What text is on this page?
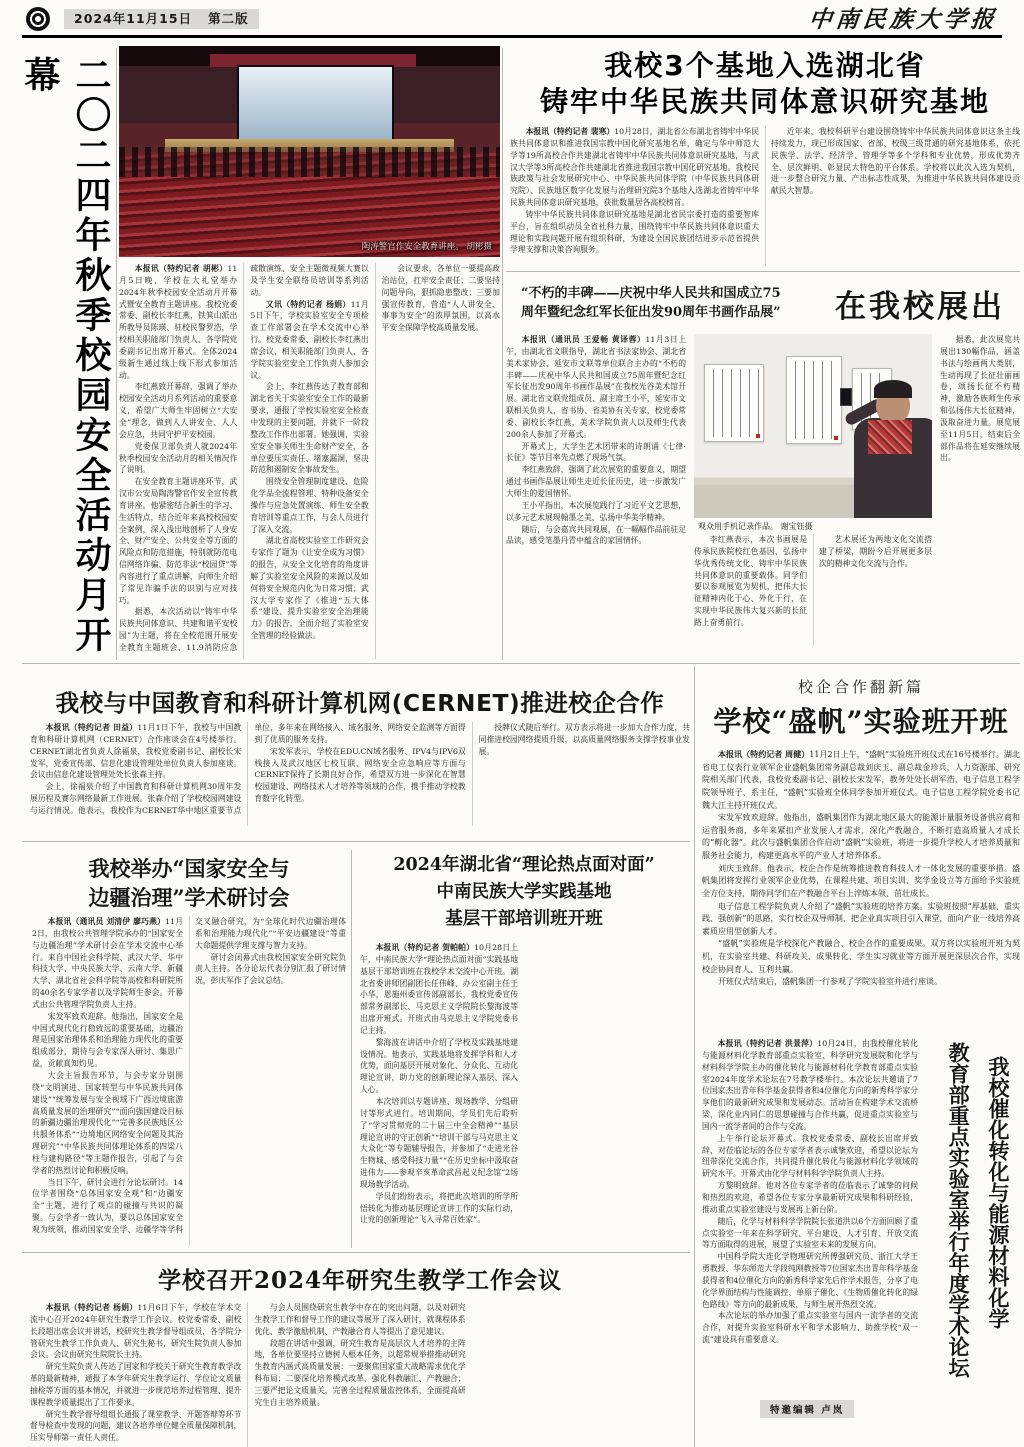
2024年11月15日 第二版	中南民族大学报
二〇二四年秋季校园安全活动月开幕
陶涛警官作安全教育讲座。 胡彬摄

本报讯（特约记者 胡彬）11月5日晚，学校在大礼堂举办2024年秋季校园安全活动月开幕式暨安全教育主题讲座。我校党委常委、副校长李红燕，铁箕山派出所教导员陈瑛、驻校民警罗浩，学校相关职能部门负责人、各学院党委副书记出席开幕式。全体2024级新生通过线上线下形式参加活动。

李红燕致开幕辞，强调了举办校园安全活动月系列活动的重要意义，希望广大师生牢固树立“大安全”理念，做到人人讲安全、人人会应急，共同守护平安校园。

党委保卫部负责人就2024年秋季校园安全活动月的相关情况作了说明。

在安全教育主题讲座环节，武汉市公安局陶涛警官作安全宣传教育讲座。他紧密结合新生的学习、生活特点，结合近年来高校校园安全案例，深入浅出地剖析了人身安全、财产安全、公共安全等方面的风险点和防范措施，特别就防范电信网络诈骗、防范非法“校园贷”等内容进行了重点讲解，向师生介绍了常见诈骗手法的识别与应对技巧。

据悉，本次活动以“铸牢中华民族共同体意识、共建和谐平安校园”为主题，将在全校范围开展安全教育主题班会、11.9消防应急疏散演练、安全主题微视频大赛以及学生安全联络员培训等系列活动。

又讯（特约记者 杨娟）11月5日下午，学校实验室安全专项检查工作部署会在学术交流中心举行。校党委常委、副校长李红燕出席会议，相关职能部门负责人、各学院实验室安全工作负责人参加会议。

会上，李红燕传达了教育部和湖北省关于实验室安全工作的最新要求，通报了学校实验室安全检查中发现的主要问题，并就下一阶段整改工作作出部署。她强调，实验室安全事关师生生命财产安全，各单位要压实责任、堵塞漏洞，坚决防范和遏制安全事故发生。

围绕安全管理制度建设、危险化学品全流程管理、特种设备安全操作与应急处置演练、师生安全教育培训等重点工作，与会人员进行了深入交流。

湖北省高校实验室工作研究会专家作了题为《让安全成为习惯》的报告，从安全文化培育的角度讲解了实验室安全风险的来源以及如何将安全规范内化为日常习惯；武汉大学专家作了《推进“五大体系”建设、提升实验室安全治理能力》的报告，全面介绍了实验室安全管理的经验做法。

会议要求，各单位一要提高政治站位，扛牢安全责任；二要坚持问题导向，狠抓隐患整改；三要加强宣传教育，营造“人人讲安全、事事为安全”的浓厚氛围，以高水平安全保障学校高质量发展。

我校3个基地入选湖北省
铸牢中华民族共同体意识研究基地

本报讯（特约记者 裴寒）10月28日，湖北省公布湖北省铸牢中华民族共同体意识和推进我国宗教中国化研究基地名单，确定与华中师范大学等19所高校合作共建湖北省铸牢中华民族共同体意识研究基地，与武汉大学等3所高校合作共建湖北省推进我国宗教中国化研究基地。我校民族政策与社会发展研究中心、中华民族共同体学院（中华民族共同体研究院）、民族地区数字化发展与治理研究院3个基地入选湖北省铸牢中华民族共同体意识研究基地，获批数量居各高校榜首。

铸牢中华民族共同体意识研究基地是湖北省民宗委打造的重要智库平台，旨在组织动员全省社科力量，围绕铸牢中华民族共同体意识重大理论和实践问题开展有组织科研，为建设全国民族团结进步示范省提供学理支撑和决策咨询服务。

近年来，我校科研平台建设围绕铸牢中华民族共同体意识这条主线持续发力，现已形成国家、省部、校级三级贯通的研究基地体系，依托民族学、法学、经济学、管理学等多个学科和专业优势，形成优势齐全、层次鲜明、彰显民大特色的平台体系。学校将以此次入选为契机，进一步整合研究力量、产出标志性成果，为推进中华民族共同体建设贡献民大智慧。

“不朽的丰碑——庆祝中华人民共和国成立75
周年暨纪念红军长征出发90周年书画作品展”	在我校展出

本报讯（通讯员 王爱畅 黄译蓉）11月3日上午，由湖北省文联指导，湖北省书法家协会、湖北省美术家协会、延安市文联等单位联合主办的“不朽的丰碑——庆祝中华人民共和国成立75周年暨纪念红军长征出发90周年书画作品展”在我校光谷美术馆开展。湖北省文联党组成员、副主席王小平，延安市文联相关负责人，省书协、省美协有关专家，校党委常委、副校长李红燕，美术学院负责人以及师生代表200余人参加了开幕式。

开幕式上，大学生艺术团带来的诗朗诵《七律·长征》等节目率先点燃了现场气氛。

李红燕致辞，强调了此次展览的重要意义，期望通过书画作品展让师生走近长征历史，进一步激发广大师生的爱国情怀。

王小平指出，本次展览践行了习近平文艺思想，以多元艺术展现翰墨之美，弘扬中华美学精神。

随后，与会嘉宾共同观展，在一幅幅作品前驻足品读，感受笔墨丹青中蕴含的家国情怀。

观众用手机记录作品。 谢宝钰摄

李红燕表示，本次书画展是传承民族院校红色基因、弘扬中华优秀传统文化、铸牢中华民族共同体意识的重要载体。同学们要以参观展览为契机，把伟大长征精神内化于心、外化于行，在实现中华民族伟大复兴新的长征路上奋勇前行。

艺术展还为两地文化交流搭建了桥梁，期盼今后开展更多层次的精神文化交流与合作。

据悉，此次展览共展出130幅作品，涵盖书法与绘画两大类别，生动再现了长征壮丽画卷，颂扬长征不朽精神，激励各族师生传承和弘扬伟大长征精神，汲取奋进力量。展览展至11月5日，结束后全部作品将在延安继续展出。

我校与中国教育和科研计算机网(CERNET)推进校企合作

本报讯（特约记者 田益）11月1日下午，我校与中国教育和科研计算机网（CERNET）合作座谈会在4号楼举行。CERNET湖北省负责人徐福泉，我校党委副书记、副校长宋发军，党委宣传部、信息化建设管理处单位负责人参加座谈。会议由信息化建设管理处处长张森主持。

会上，徐福泉介绍了中国教育和科研计算机网30周年发展历程及赛尔网络最新工作进展。张森介绍了学校校园网建设与运行情况。他表示，我校作为CERNET华中地区重要节点单位，多年来在网络接入、域名服务、网络安全监测等方面得到了优质的服务支持。

宋发军表示，学校在EDU.CN域名服务、IPV4与IPV6双栈接入及武汉地区七校互联、网络安全应急响应等方面与CERNET保持了长期良好合作，希望双方进一步深化在智慧校园建设、网络技术人才培养等领域的合作，携手推动学校教育数字化转型。

授牌仪式随后举行。双方表示将进一步加大合作力度，共同推进校园网络提质升级，以高质量网络服务支撑学校事业发展。

校企合作翻新篇
学校“盛帆”实验班开班

本报讯（特约记者 周健）11月2日上午，“盛帆”实验班开班仪式在16号楼举行。湖北省电工仪表行业领军企业盛帆集团常务副总裁刘庆玉、副总裁金珍兵，人力资源部、研究院相关部门代表，我校党委副书记、副校长宋发军，教务处处长胡军浩，电子信息工程学院领导班子、系主任，“盛帆”实验班全体同学参加开班仪式。电子信息工程学院党委书记魏大江主持开班仪式。

宋发军致欢迎辞。他指出，盛帆集团作为湖北地区最大的能源计量服务设备供应商和运营服务商，多年来紧扣产业发展人才需求，深化产教融合，不断打造高质量人才成长的“孵化器”。此次与盛帆集团合作启动“盛帆”实验班，将进一步提升学校人才培养质量和服务社会能力，构建更高水平的产业人才培养体系。

刘庆玉致辞。他表示，校企合作是统筹推进教育科技人才一体化发展的重要举措。盛帆集团将发挥行业领军企业优势，在课程共建、项目实训、奖学金设立等方面给予实验班全方位支持，期待同学们在产教融合平台上淬炼本领、茁壮成长。

电子信息工程学院负责人介绍了“盛帆”实验班的培养方案。实验班按照“厚基础、重实践、强创新”的思路，实行校企双导师制，把企业真实项目引入课堂，面向产业一线培养高素质应用型创新人才。

“盛帆”实验班是学校深化产教融合、校企合作的重要成果。双方将以实验班开班为契机，在实验室共建、科研攻关、成果转化、学生实习就业等方面开展更深层次合作，实现校企协同育人、互利共赢。

开班仪式结束后，盛帆集团一行参观了学院实验室并进行座谈。

我校举办“国家安全与
边疆治理”学术研讨会

本报讯（通讯员 刘清伊 廖巧燕）11月2日，由我校公共管理学院承办的“国家安全与边疆治理”学术研讨会在学术交流中心举行。来自中国社会科学院、武汉大学、华中科技大学、中央民族大学、云南大学、新疆大学、湖北省社会科学院等高校和科研院所的40余名专家学者以及学院师生参会。开幕式由公共管理学院负责人主持。

宋发军致欢迎辞。他指出，国家安全是中国式现代化行稳致远的重要基础，边疆治理是国家治理体系和治理能力现代化的重要组成部分，期待与会专家深入研讨、集思广益，贡献真知灼见。

大会主旨报告环节，与会专家分别围绕“文明演进、国家转型与中华民族共同体建设”“统筹发展与安全视域下广西边境旅游高质量发展的治理研究”“面向强国建设目标的新疆边疆治理现代化”“完善多民族地区公共服务体系”“边境地区网络安全问题及其治理研究”“中华民族共同体理论体系的四梁八柱与建构路径”等主题作报告，引起了与会学者的热烈讨论和积极反响。

当日下午，研讨会进行分论坛研讨。14位学者围绕“总体国家安全观”和“边疆安全”主题，进行了观点的碰撞与共识的凝聚。与会学者一致认为，要以总体国家安全观为统领，推动国家安全学、边疆学等学科交叉融合研究，为“全球化时代边疆治理体系和治理能力现代化”“平安边疆建设”等重大命题提供学理支撑与智力支持。

研讨会闭幕式由我校国家安全研究院负责人主持。各分论坛代表分别汇报了研讨情况，彭庆军作了会议总结。

2024年湖北省“理论热点面对面”
中南民族大学实践基地
基层干部培训班开班

本报讯（特约记者 贺帕帕）10月28日上午，中南民族大学“理论热点面对面”实践基地基层干部培训班在我校学术交流中心开班。湖北省委讲师团副团长任伟峰、办公室副主任王小华，恩施州委宣传部副部长，我校党委宣传部常务副部长、马克思主义学院院长黎海波等出席开班式。开班式由马克思主义学院党委书记主持。

黎海波在讲话中介绍了学校及实践基地建设情况。他表示，实践基地将发挥学科和人才优势，面向基层开展对象化、分众化、互动化理论宣讲，助力党的创新理论深入基层、深入人心。

本次培训以专题讲座、现场教学、分组研讨等形式进行。培训期间，学员们先后聆听了“学习贯彻党的二十届三中全会精神”“基层理论宣讲的守正创新”“培训干部与马克思主义大众化”等专题辅导报告，并参加了“走进光谷生物城、感受科技力量”“在历史坐标中汲取奋进伟力——参观辛亥革命武昌起义纪念馆”2场现场教学活动。

学员们纷纷表示，将把此次培训的所学所悟转化为推动基层理论宣讲工作的实际行动，让党的创新理论“飞入寻常百姓家”。

学校召开2024年研究生教学工作会议

本报讯（特约记者 杨娟）11月6日下午，学校在学术交流中心召开2024年研究生教学工作会议。校党委常委、副校长段超出席会议并讲话，校研究生教学督导组成员，各学院分管研究生教学工作负责人、研究生秘书，研究生院负责人参加会议。会议由研究生院院长主持。

研究生院负责人传达了国家和学校关于研究生教育教学改革的最新精神，通报了本学年研究生教学运行、学位论文质量抽检等方面的基本情况，并就进一步规范培养过程管理、提升课程教学质量提出了工作要求。

研究生教学督导组组长通报了课堂教学、开题答辩等环节督导检查中发现的问题，建议各培养单位健全质量保障机制，压实导师第一责任人责任。

与会人员围绕研究生教学中存在的突出问题，以及对研究生教学工作和督导工作的建议等展开了深入研讨，就课程体系优化、教学激励机制、产教融合育人等提出了意见建议。

段超在讲话中强调，研究生教育是高层次人才培养的主阵地，各单位要坚持立德树人根本任务，以超常规举措推动研究生教育内涵式高质量发展：一要聚焦国家重大战略需求优化学科布局；二要深化培养模式改革，强化科教融汇、产教融合；三要严把论文质量关，完善全过程质量监控体系，全面提高研究生自主培养质量。

本报讯（特约记者 洪景萍）10月24日，由我校催化转化与能源材料化学教育部重点实验室、科学研究发展院和化学与材料科学学院主办的催化转化与能源材料化学教育部重点实验室2024年度学术论坛在7号教学楼举行。本次论坛共邀请了7位国家杰出青年科学基金获得者和4位催化方向的新秀科学家分享他们的最新研究成果和发展动态。活动旨在构建学术交流桥梁，深化业内同仁的思想碰撞与合作共赢，促进重点实验室与国内一流学者间的合作与交流。

上午举行论坛开幕式。我校党委常委、副校长出席并致辞，对莅临论坛的各位专家学者表示诚挚欢迎，希望以论坛为纽带深化交流合作，共同提升催化转化与能源材料化学领域的研究水平。开幕式由化学与材料科学学院负责人主持。

方黎明致辞。他对各位专家学者的莅临表示了诚挚的问候和热烈的欢迎，希望各位专家分享最新研究成果和科研经验，推动重点实验室建设与发展再上新台阶。

随后，化学与材料科学学院院长张道洪以6个方面回顾了重点实验室一年来在科学研究、平台建设、人才引育、开放交流等方面取得的进展，展望了实验室未来的发展方向。

中国科学院大连化学物理研究所傅强研究员、浙江大学王勇教授、华东师范大学段纯刚教授等7位国家杰出青年科学基金获得者和4位催化方向的新秀科学家先后作学术报告，分享了电化学界面结构与性能调控、单原子催化、《生物质催化转化的绿色路线》等方向的最新成果，与师生展开热烈交流。

本次论坛的举办加强了重点实验室与国内一流学者的交流合作，对提升实验室科研水平和学术影响力、助推学校“双一流”建设具有重要意义。

我校催化转化与能源材料化学
教育部重点实验室举行年度学术论坛
特邀编辑 卢岚
